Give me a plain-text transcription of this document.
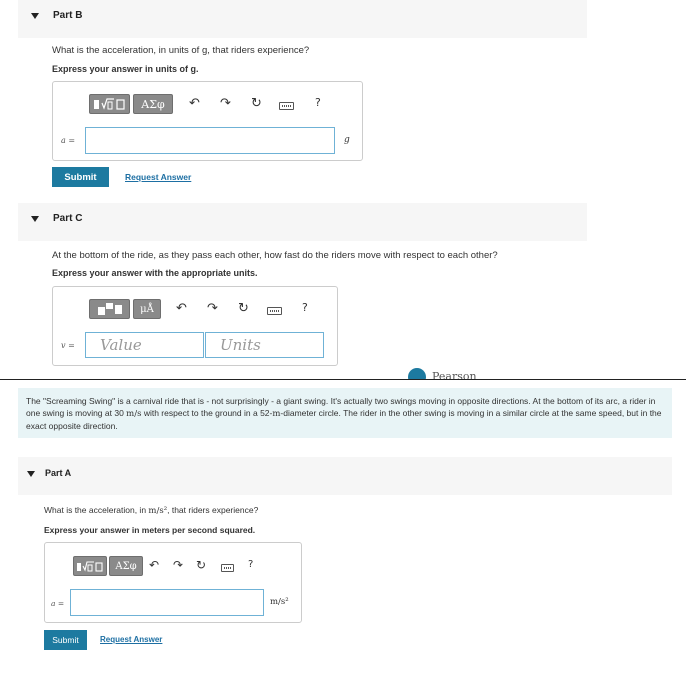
Part B
What is the acceleration, in units of g, that riders experience?
Express your answer in units of g.
ΑΣφ ↶ ↷ ↻	?
a =	g
Submit	Request Answer
Part C
At the bottom of the ride, as they pass each other, how fast do the riders move with respect to each other?
Express your answer with the appropriate units.
μÅ ↶ ↷ ↻	?
v = Value	Units
Pearson
The "Screaming Swing" is a carnival ride that is - not surprisingly - a giant swing. It's actually two swings moving in opposite directions. At the bottom of its arc, a rider in one swing is moving at 30 m/s with respect to the ground in a 52-m-diameter circle. The rider in the other swing is moving in a similar circle at the same speed, but in the exact opposite direction.
Part A
What is the acceleration, in m/s², that riders experience?
Express your answer in meters per second squared.
ΑΣφ ↶ ↷ ↻	?
a =	m/s²
Submit	Request Answer
